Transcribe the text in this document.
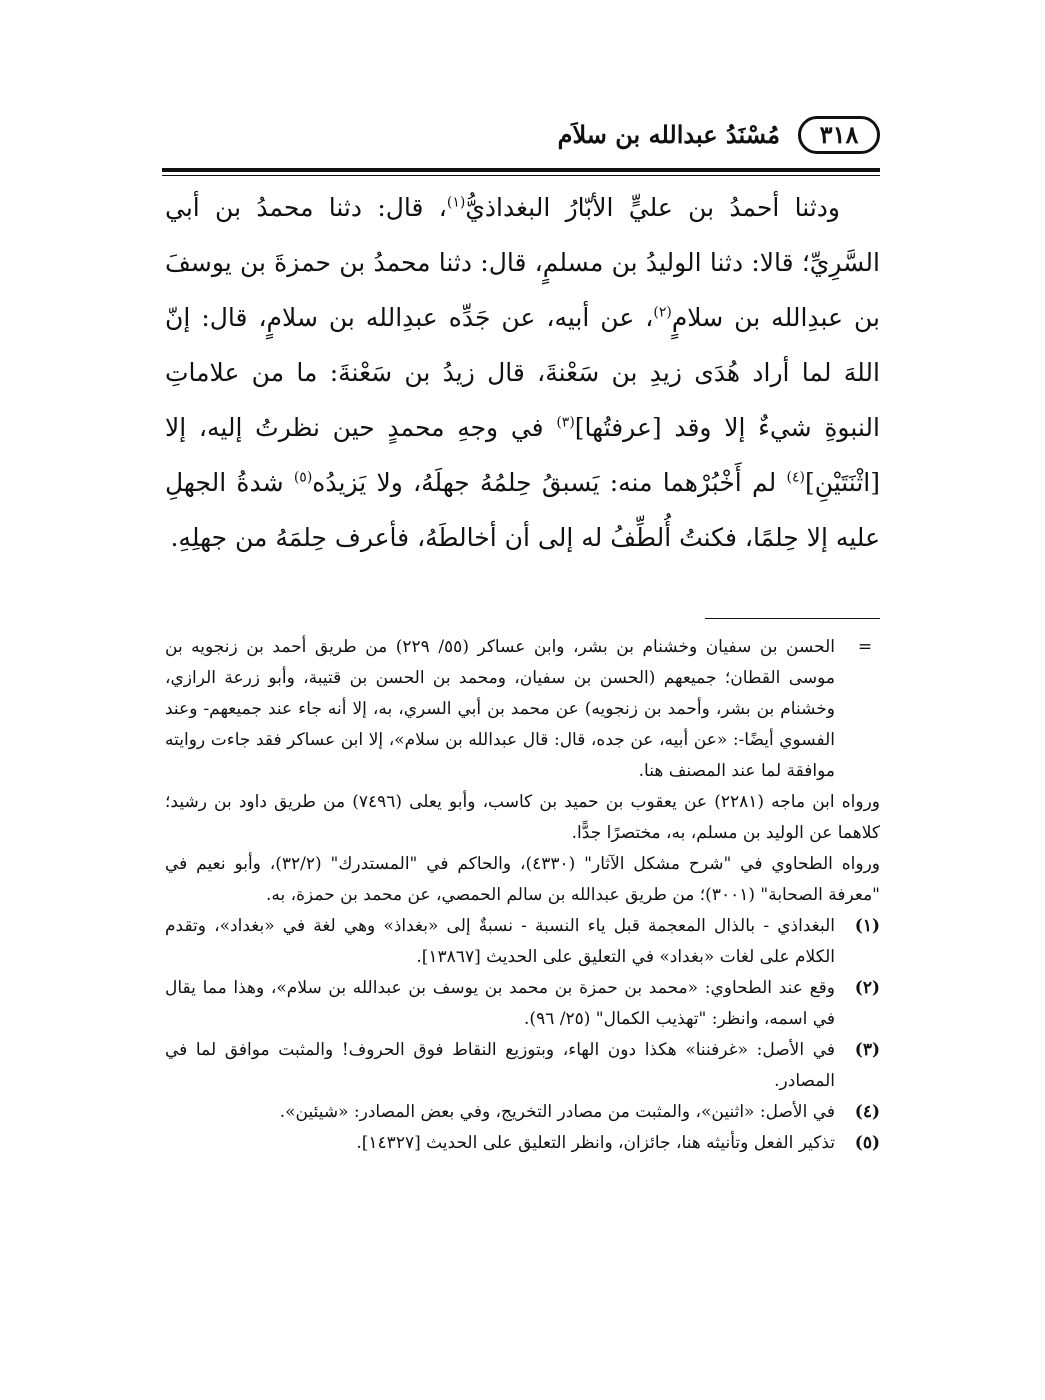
٣١٨
مُسْنَدُ عبدالله بن سلاَم

ودثنا أحمدُ بن عليٍّ الأبّارُ البغداذيُّ$^{(١)}$، قال: دثنا محمدُ بن أبي السَّرِيِّ؛ قالا: دثنا الوليدُ بن مسلمٍ، قال: دثنا محمدُ بن حمزةَ بن يوسفَ بن عبدِالله بن سلامٍ$^{(٢)}$، عن أبيه، عن جَدِّه عبدِالله بن سلامٍ، قال: إنّ اللهَ لما أراد هُدَى زيدِ بن سَعْنةَ، قال زيدُ بن سَعْنةَ: ما من علاماتِ النبوةِ شيءٌ إلا وقد [عرفتُها]$^{(٣)}$ في وجهِ محمدٍ حين نظرتُ إليه، إلا [اثْنَتَيْنِ]$^{(٤)}$ لم أَخْبُرْهما منه: يَسبقُ حِلمُهُ جهلَهُ، ولا يَزيدُه$^{(٥)}$ شدةُ الجهلِ عليه إلا حِلمًا، فكنتُ أُلطِّفُ له إلى أن أخالطَهُ، فأعرف حِلمَهُ من جهلِهِ.

=
الحسن بن سفيان وخشنام بن بشر، وابن عساكر (٥٥/ ٢٢٩) من طريق أحمد بن زنجويه بن موسى القطان؛ جميعهم (الحسن بن سفيان، ومحمد بن الحسن بن قتيبة، وأبو زرعة الرازي، وخشنام بن بشر، وأحمد بن زنجويه) عن محمد بن أبي السري، به، إلا أنه جاء عند جميعهم- وعند الفسوي أيضًا-: «عن أبيه، عن جده، قال: قال عبدالله بن سلام»، إلا ابن عساكر فقد جاءت روايته موافقة لما عند المصنف هنا.

ورواه ابن ماجه (٢٢٨١) عن يعقوب بن حميد بن كاسب، وأبو يعلى (٧٤٩٦) من طريق داود بن رشيد؛ كلاهما عن الوليد بن مسلم، به، مختصرًا جدًّا.

ورواه الطحاوي في "شرح مشكل الآثار" (٤٣٣٠)، والحاكم في "المستدرك" (٣٢/٢)، وأبو نعيم في "معرفة الصحابة" (٣٠٠١)؛ من طريق عبدالله بن سالم الحمصي، عن محمد بن حمزة، به.

(١)
البغداذي - بالذال المعجمة قبل ياء النسبة - نسبةٌ إلى «بغداذ» وهي لغة في «بغداد»، وتقدم الكلام على لغات «بغداد» في التعليق على الحديث [١٣٨٦٧].

(٢)
وقع عند الطحاوي: «محمد بن حمزة بن محمد بن يوسف بن عبدالله بن سلام»، وهذا مما يقال في اسمه، وانظر: "تهذيب الكمال" (٢٥/ ٩٦).

(٣)
في الأصل: «غرفننا» هكذا دون الهاء، وبتوزيع النقاط فوق الحروف! والمثبت موافق لما في المصادر.

(٤)
في الأصل: «اثنين»، والمثبت من مصادر التخريج، وفي بعض المصادر: «شيئين».

(٥)
تذكير الفعل وتأنيثه هنا، جائزان، وانظر التعليق على الحديث [١٤٣٢٧].
